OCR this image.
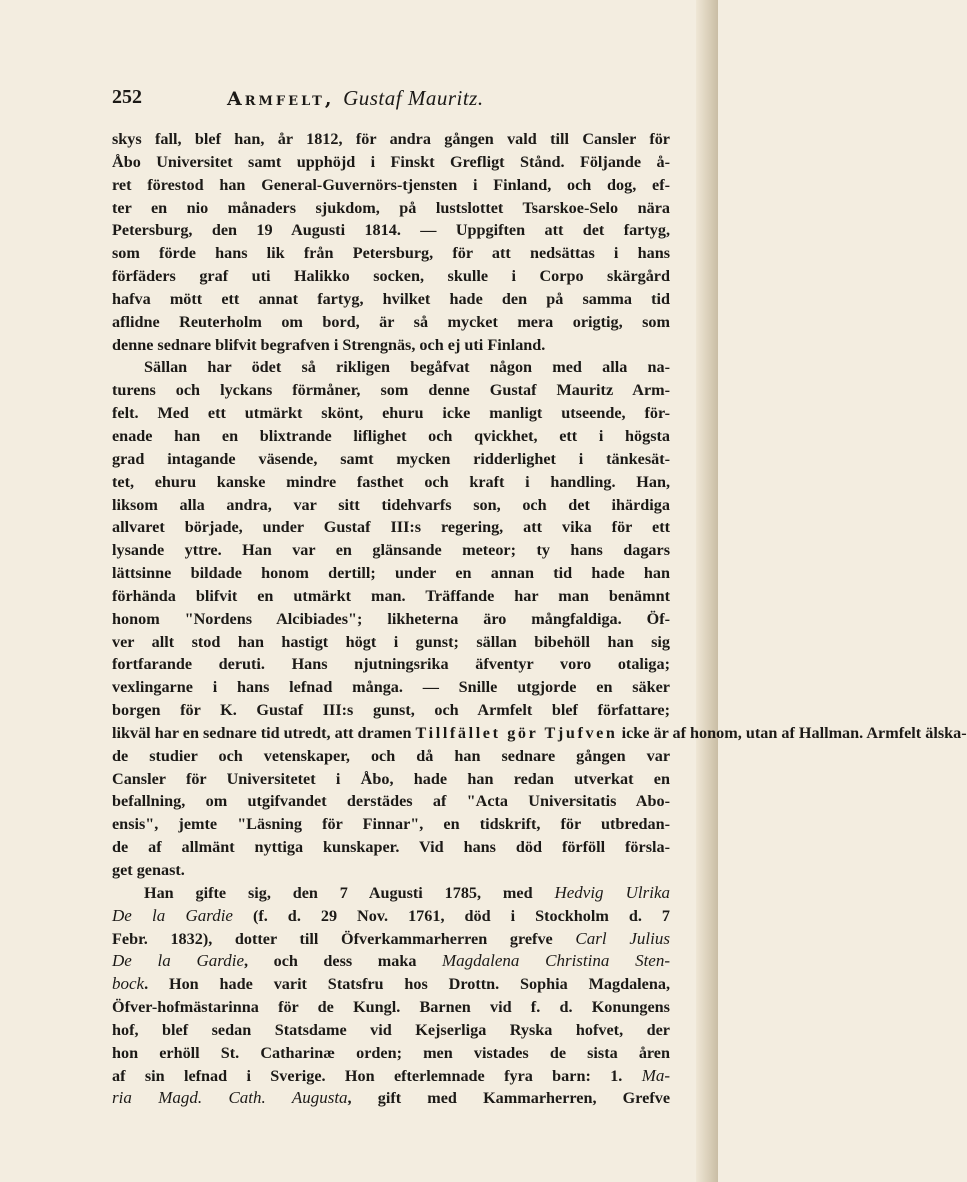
252	Armfelt, Gustaf Mauritz.
skys fall, blef han, år 1812, för andra gången vald till Cansler för
Åbo Universitet samt upphöjd i Finskt Grefligt Stånd. Följande å-
ret förestod han General-Guvernörs-tjensten i Finland, och dog, ef-
ter en nio månaders sjukdom, på lustslottet Tsarskoe-Selo nära
Petersburg, den 19 Augusti 1814. — Uppgiften att det fartyg,
som förde hans lik från Petersburg, för att nedsättas i hans
förfäders graf uti Halikko socken, skulle i Corpo skärgård
hafva mött ett annat fartyg, hvilket hade den på samma tid
aflidne Reuterholm om bord, är så mycket mera origtig, som
denne sednare blifvit begrafven i Strengnäs, och ej uti Finland.
Sällan har ödet så rikligen begåfvat någon med alla na-
turens och lyckans förmåner, som denne Gustaf Mauritz Arm-
felt. Med ett utmärkt skönt, ehuru icke manligt utseende, för-
enade han en blixtrande liflighet och qvickhet, ett i högsta
grad intagande väsende, samt mycken ridderlighet i tänkesät-
tet, ehuru kanske mindre fasthet och kraft i handling. Han,
liksom alla andra, var sitt tidehvarfs son, och det ihärdiga
allvaret började, under Gustaf III:s regering, att vika för ett
lysande yttre. Han var en glänsande meteor; ty hans dagars
lättsinne bildade honom dertill; under en annan tid hade han
förhända blifvit en utmärkt man. Träffande har man benämnt
honom "Nordens Alcibiades"; likheterna äro mångfaldiga. Öf-
ver allt stod han hastigt högt i gunst; sällan bibehöll han sig
fortfarande deruti. Hans njutningsrika äfventyr voro otaliga;
vexlingarne i hans lefnad många. — Snille utgjorde en säker
borgen för K. Gustaf III:s gunst, och Armfelt blef författare;
likväl har en sednare tid utredt, att dramen Tillfället gör Tjufven icke är af honom, utan af Hallman. Armfelt älska-
de studier och vetenskaper, och då han sednare gången var
Cansler för Universitetet i Åbo, hade han redan utverkat en
befallning, om utgifvandet derstädes af "Acta Universitatis Abo-
ensis", jemte "Läsning för Finnar", en tidskrift, för utbredan-
de af allmänt nyttiga kunskaper. Vid hans död förföll försla-
get genast.
Han gifte sig, den 7 Augusti 1785, med Hedvig Ulrika
De la Gardie (f. d. 29 Nov. 1761, död i Stockholm d. 7
Febr. 1832), dotter till Öfverkammarherren grefve Carl Julius
De la Gardie, och dess maka Magdalena Christina Sten-
bock. Hon hade varit Statsfru hos Drottn. Sophia Magdalena,
Öfver-hofmästarinna för de Kungl. Barnen vid f. d. Konungens
hof, blef sedan Statsdame vid Kejserliga Ryska hofvet, der
hon erhöll St. Catharinæ orden; men vistades de sista åren
af sin lefnad i Sverige. Hon efterlemnade fyra barn: 1. Ma-
ria Magd. Cath. Augusta, gift med Kammarherren, Grefve
